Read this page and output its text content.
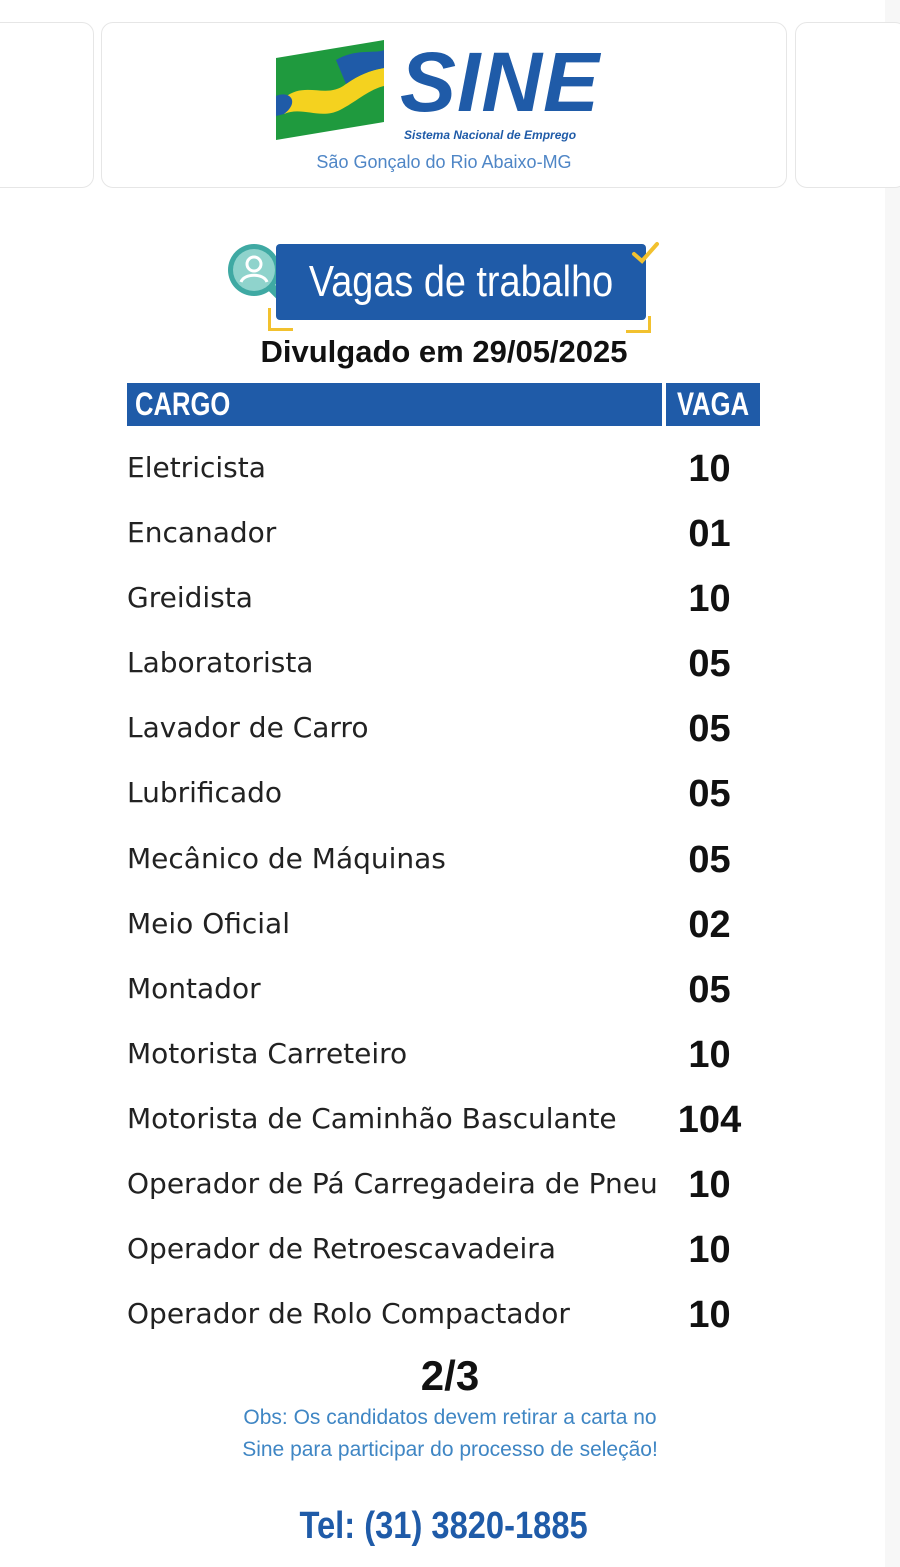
SINE
Sistema Nacional de Emprego
São Gonçalo do Rio Abaixo-MG
Vagas de trabalho
Divulgado em 29/05/2025
CARGO	VAGA
Eletricista	10
Encanador	01
Greidista	10
Laboratorista	05
Lavador de Carro	05
Lubrificado	05
Mecânico de Máquinas	05
Meio Oficial	02
Montador	05
Motorista Carreteiro	10
Motorista de Caminhão Basculante	104
Operador de Pá Carregadeira de Pneu 10
Operador de Retroescavadeira	10
Operador de Rolo Compactador	10
2/3
Obs: Os candidatos devem retirar a carta no
Sine para participar do processo de seleção!
Tel: (31) 3820-1885
